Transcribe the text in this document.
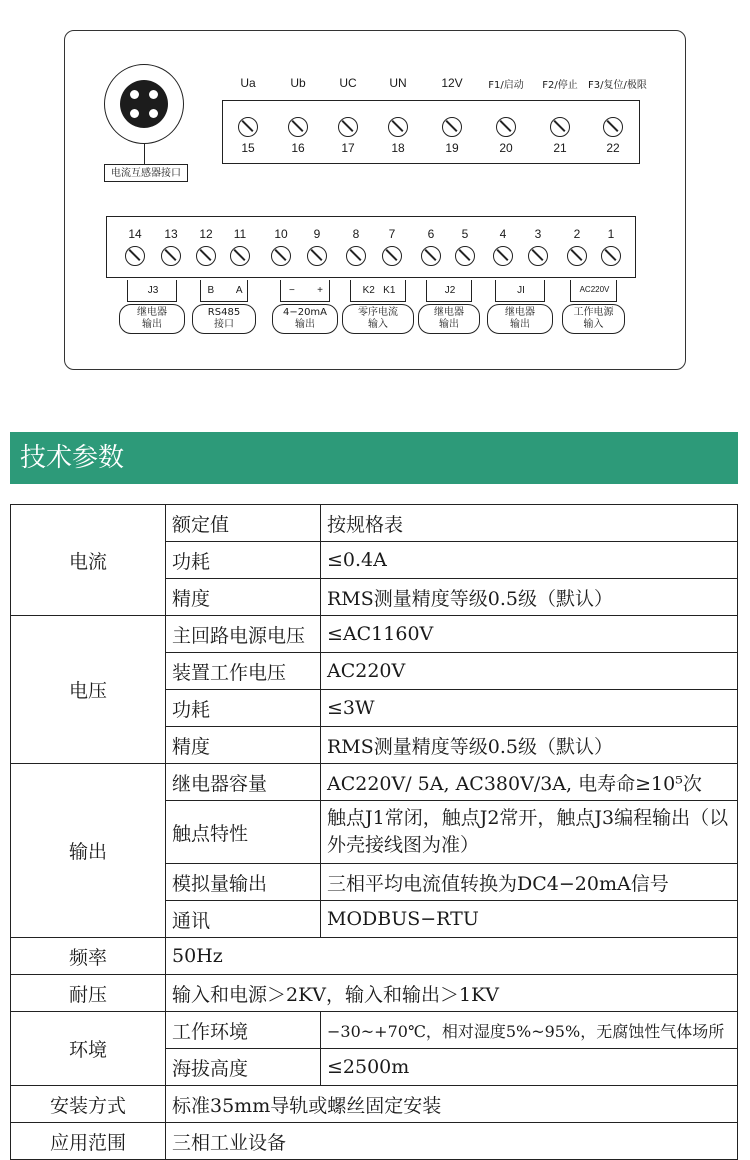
电流互感器接口
Ua
15
Ub
16
UC
17
UN
18
12V
19
F1/启动
20
F2/停止
21
F3/复位/极限
22
14	13	12	11	10	9	8	7	6	5	4	3	2	1
J3
继电器
输出
B        A
RS485
接口
−        +
4−20mA
输出
K2   K1
零序电流
输入
J2
继电器
输出
JI
继电器
输出
AC220V
工作电源
输入
技术参数
电流	额定值	按规格表
	功耗	≤0.4A
	精度	RMS测量精度等级0.5级（默认）
电压	主回路电源电压	≤AC1160V
	装置工作电压	AC220V
	功耗	≤3W
	精度	RMS测量精度等级0.5级（默认）
输出	继电器容量	AC220V/ 5A, AC380V/3A, 电寿命≥10⁵次
	触点特性	触点J1常闭，触点J2常开，触点J3编程输出（以外壳接线图为准）
	模拟量输出	三相平均电流值转换为DC4−20mA信号
	通讯	MODBUS−RTU
频率	50Hz	
耐压	输入和电源＞2KV，输入和输出＞1KV	
环境	工作环境	−30~+70℃，相对湿度5%~95%，无腐蚀性气体场所
	海拔高度	≤2500m
安装方式	标准35mm导轨或螺丝固定安装	
应用范围	三相工业设备	
